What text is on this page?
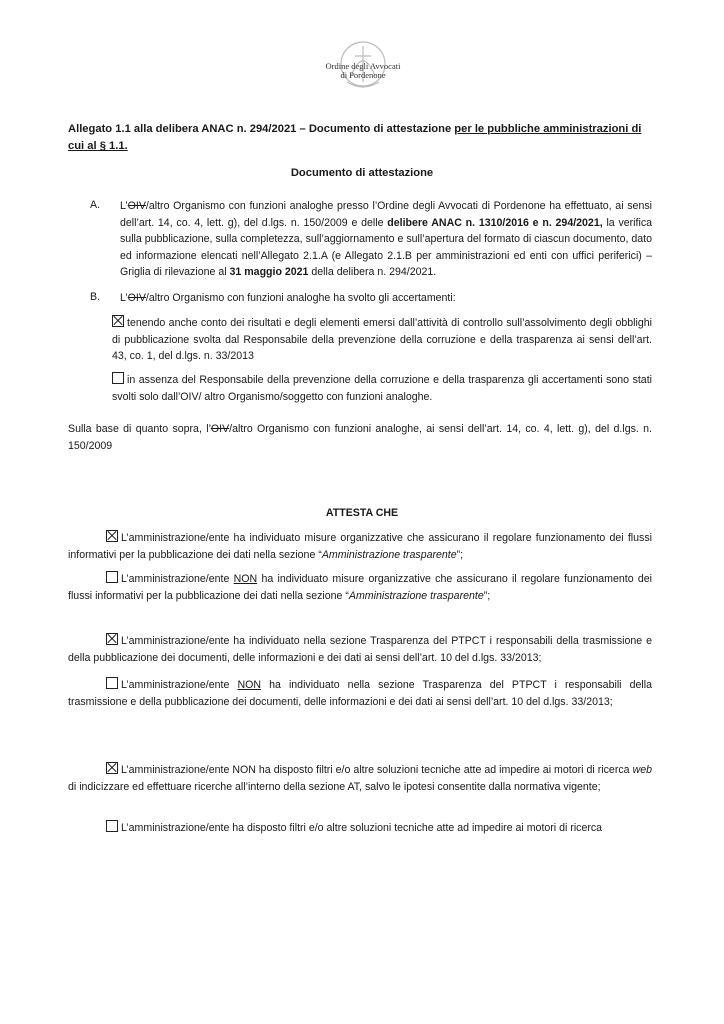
Ordine degli Avvocati
di Pordenone
Allegato 1.1 alla delibera ANAC n. 294/2021 – Documento di attestazione per le pubbliche amministrazioni di cui al § 1.1.
Documento di attestazione
A. L’OIV/altro Organismo con funzioni analoghe presso l’Ordine degli Avvocati di Pordenone ha effettuato, ai sensi dell’art. 14, co. 4, lett. g), del d.lgs. n. 150/2009 e delle delibere ANAC n. 1310/2016 e n. 294/2021, la verifica sulla pubblicazione, sulla completezza, sull’aggiornamento e sull’apertura del formato di ciascun documento, dato ed informazione elencati nell’Allegato 2.1.A (e Allegato 2.1.B per amministrazioni ed enti con uffici periferici) – Griglia di rilevazione al 31 maggio 2021 della delibera n. 294/2021.
B. L’OIV/altro Organismo con funzioni analoghe ha svolto gli accertamenti:
tenendo anche conto dei risultati e degli elementi emersi dall’attività di controllo sull’assolvimento degli obblighi di pubblicazione svolta dal Responsabile della prevenzione della corruzione e della trasparenza ai sensi dell’art. 43, co. 1, del d.lgs. n. 33/2013
in assenza del Responsabile della prevenzione della corruzione e della trasparenza gli accertamenti sono stati svolti solo dall’OIV/ altro Organismo/soggetto con funzioni analoghe.
Sulla base di quanto sopra, l’OIV/altro Organismo con funzioni analoghe, ai sensi dell’art. 14, co. 4, lett. g), del d.lgs. n. 150/2009
ATTESTA CHE
L’amministrazione/ente ha individuato misure organizzative che assicurano il regolare funzionamento dei flussi informativi per la pubblicazione dei dati nella sezione “Amministrazione trasparente”;
L’amministrazione/ente NON ha individuato misure organizzative che assicurano il regolare funzionamento dei flussi informativi per la pubblicazione dei dati nella sezione “Amministrazione trasparente”;
L’amministrazione/ente ha individuato nella sezione Trasparenza del PTPCT i responsabili della trasmissione e della pubblicazione dei documenti, delle informazioni e dei dati ai sensi dell’art. 10 del d.lgs. 33/2013;
L’amministrazione/ente NON ha individuato nella sezione Trasparenza del PTPCT i responsabili della trasmissione e della pubblicazione dei documenti, delle informazioni e dei dati ai sensi dell’art. 10 del d.lgs. 33/2013;
L’amministrazione/ente NON ha disposto filtri e/o altre soluzioni tecniche atte ad impedire ai motori di ricerca web di indicizzare ed effettuare ricerche all’interno della sezione AT, salvo le ipotesi consentite dalla normativa vigente;
L’amministrazione/ente ha disposto filtri e/o altre soluzioni tecniche atte ad impedire ai motori di ricerca
